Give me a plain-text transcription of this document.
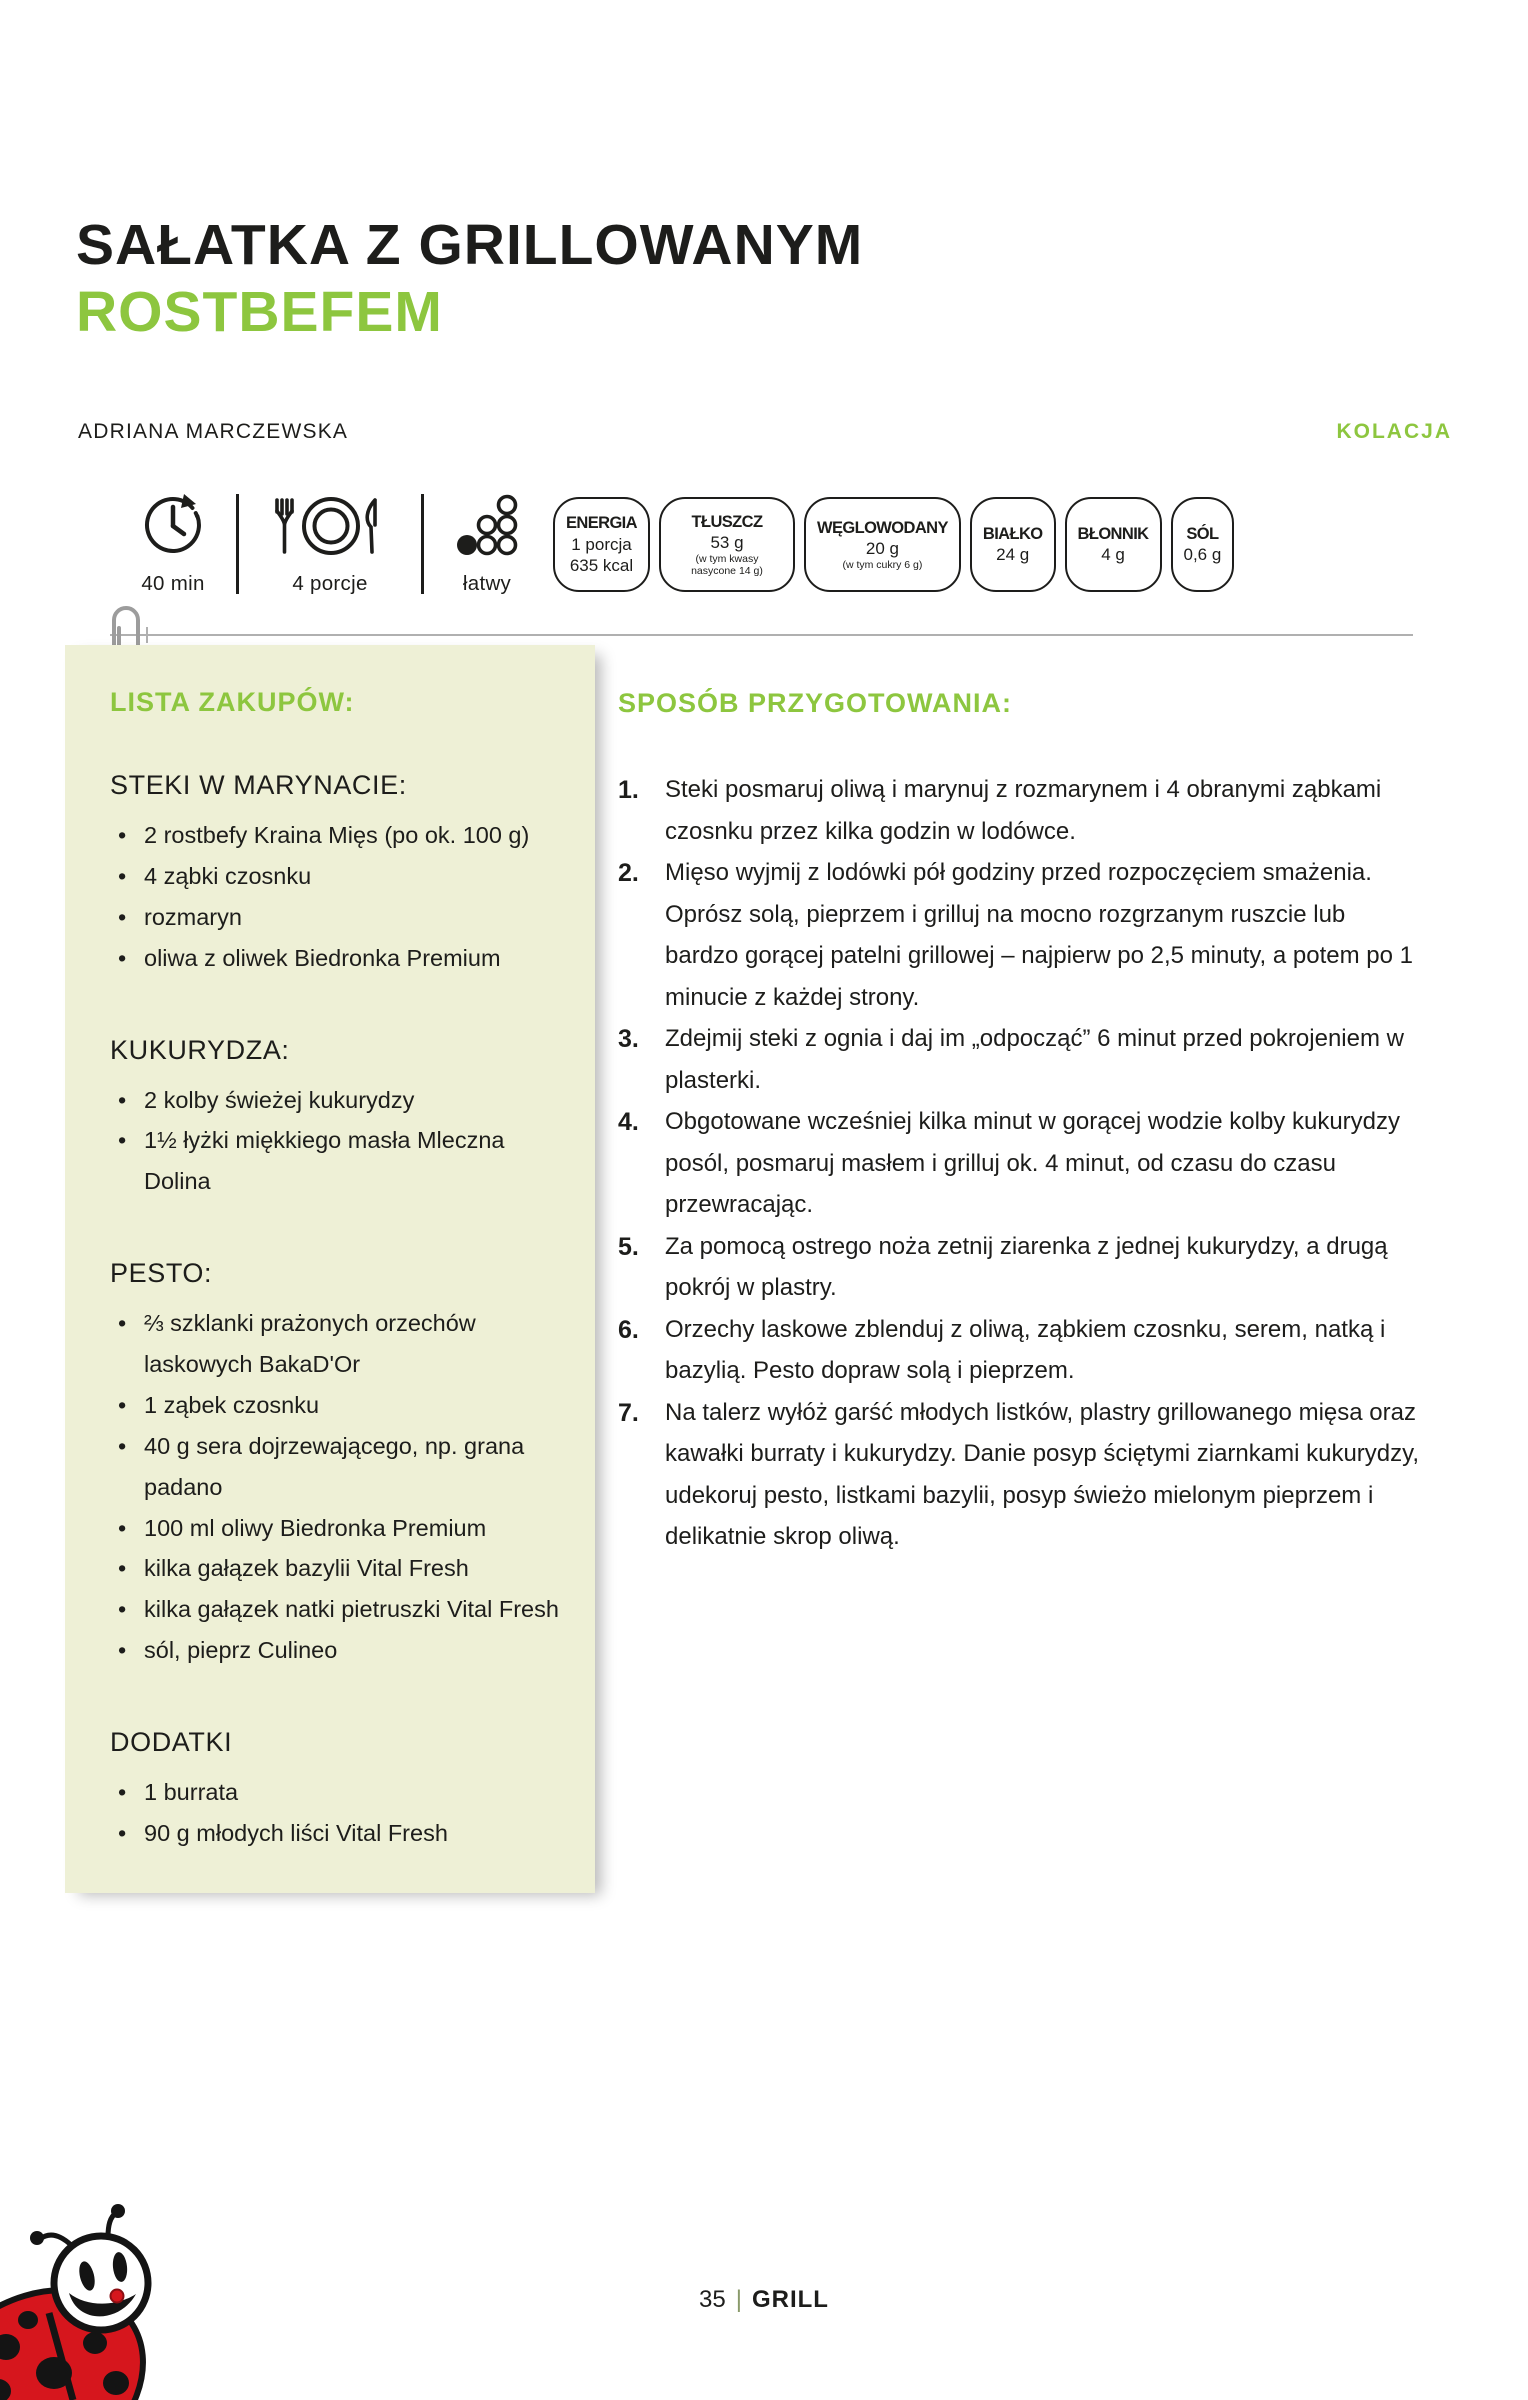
SAŁATKA Z GRILLOWANYM
ROSTBEFEM
ADRIANA MARCZEWSKA	KOLACJA
40 min	4 porcje	łatwy
ENERGIA
1 porcja
635 kcal
TŁUSZCZ
53 g
(w tym kwasy nasycone 14 g)
WĘGLOWODANY
20 g
(w tym cukry 6 g)
BIAŁKO
24 g
BŁONNIK
4 g
SÓL
0,6 g
LISTA ZAKUPÓW:
STEKI W MARYNACIE:
• 2 rostbefy Kraina Mięs (po ok. 100 g)
• 4 ząbki czosnku
• rozmaryn
• oliwa z oliwek Biedronka Premium
KUKURYDZA:
• 2 kolby świeżej kukurydzy
• 1½ łyżki miękkiego masła Mleczna Dolina
PESTO:
• ⅔ szklanki prażonych orzechów laskowych BakaD'Or
• 1 ząbek czosnku
• 40 g sera dojrzewającego, np. grana padano
• 100 ml oliwy Biedronka Premium
• kilka gałązek bazylii Vital Fresh
• kilka gałązek natki pietruszki Vital Fresh
• sól, pieprz Culineo
DODATKI
• 1 burrata
• 90 g młodych liści Vital Fresh
SPOSÓB PRZYGOTOWANIA:
Steki posmaruj oliwą i marynuj z rozmarynem i 4 obranymi ząbkami czosnku przez kilka godzin w lodówce.
Mięso wyjmij z lodówki pół godziny przed rozpoczęciem smażenia. Oprósz solą, pieprzem i grilluj na mocno rozgrzanym ruszcie lub bardzo gorącej patelni grillowej – najpierw po 2,5 minuty, a potem po 1 minucie z każdej strony.
Zdejmij steki z ognia i daj im „odpocząć” 6 minut przed pokrojeniem w plasterki.
Obgotowane wcześniej kilka minut w gorącej wodzie kolby kukurydzy posól, posmaruj masłem i grilluj ok. 4 minut, od czasu do czasu przewracając.
Za pomocą ostrego noża zetnij ziarenka z jednej kukurydzy, a drugą pokrój w plastry.
Orzechy laskowe zblenduj z oliwą, ząbkiem czosnku, serem, natką i bazylią. Pesto dopraw solą i pieprzem.
Na talerz wyłóż garść młodych listków, plastry grillowanego mięsa oraz kawałki burraty i kukurydzy. Danie posyp ściętymi ziarnkami kukurydzy, udekoruj pesto, listkami bazylii, posyp świeżo mielonym pieprzem i delikatnie skrop oliwą.
35 | GRILL
